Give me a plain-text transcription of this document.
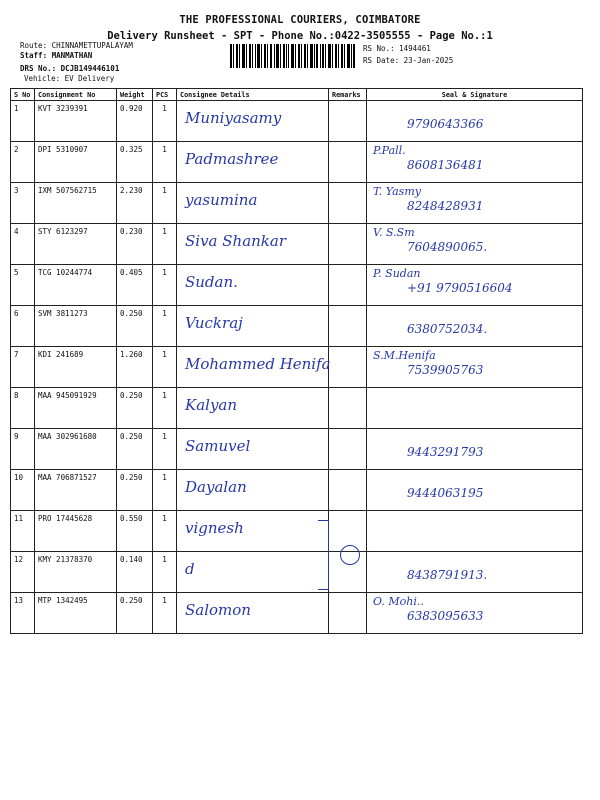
THE PROFESSIONAL COURIERS, COIMBATORE
Delivery Runsheet - SPT - Phone No.:0422-3505555 - Page No.:1
Route: CHINNAMETTUPALAYAM
Staff: MANMATHAN
DRS No.: DCJB149446101
Vehicle: EV Delivery
RS No.: 1494461
RS Date: 23-Jan-2025
S No	Consignment No	Weight	PCS	Consignee Details	Remarks	Seal & Signature
1	KVT 3239391	0.920	1	Muniyasamy		9790643366

2	DPI 5310907	0.325	1	Padmashree		P.Pall.
8608136481

3	IXM 507562715	2.230	1	yasumina		T. Yasmy
8248428931

4	STY 6123297	0.230	1	Siva Shankar		V. S.Sm
7604890065.

5	TCG 10244774	0.405	1	Sudan.		P. Sudan
+91 9790516604

6	SVM 3811273	0.250	1	Vuckraj		6380752034.

7	KDI 241689	1.260	1	Mohammed Henifa		S.M.Henifa
7539905763

8	MAA 945091929	0.250	1	Kalyan		

9	MAA 302961680	0.250	1	Samuvel		9443291793

10	MAA 706871527	0.250	1	Dayalan		9444063195

11	PRO 17445628	0.550	1	vignesh		

12	KMY 21378370	0.140	1	d		8438791913.

13	MTP 1342495	0.250	1	Salomon		O. Mohi..
6383095633
